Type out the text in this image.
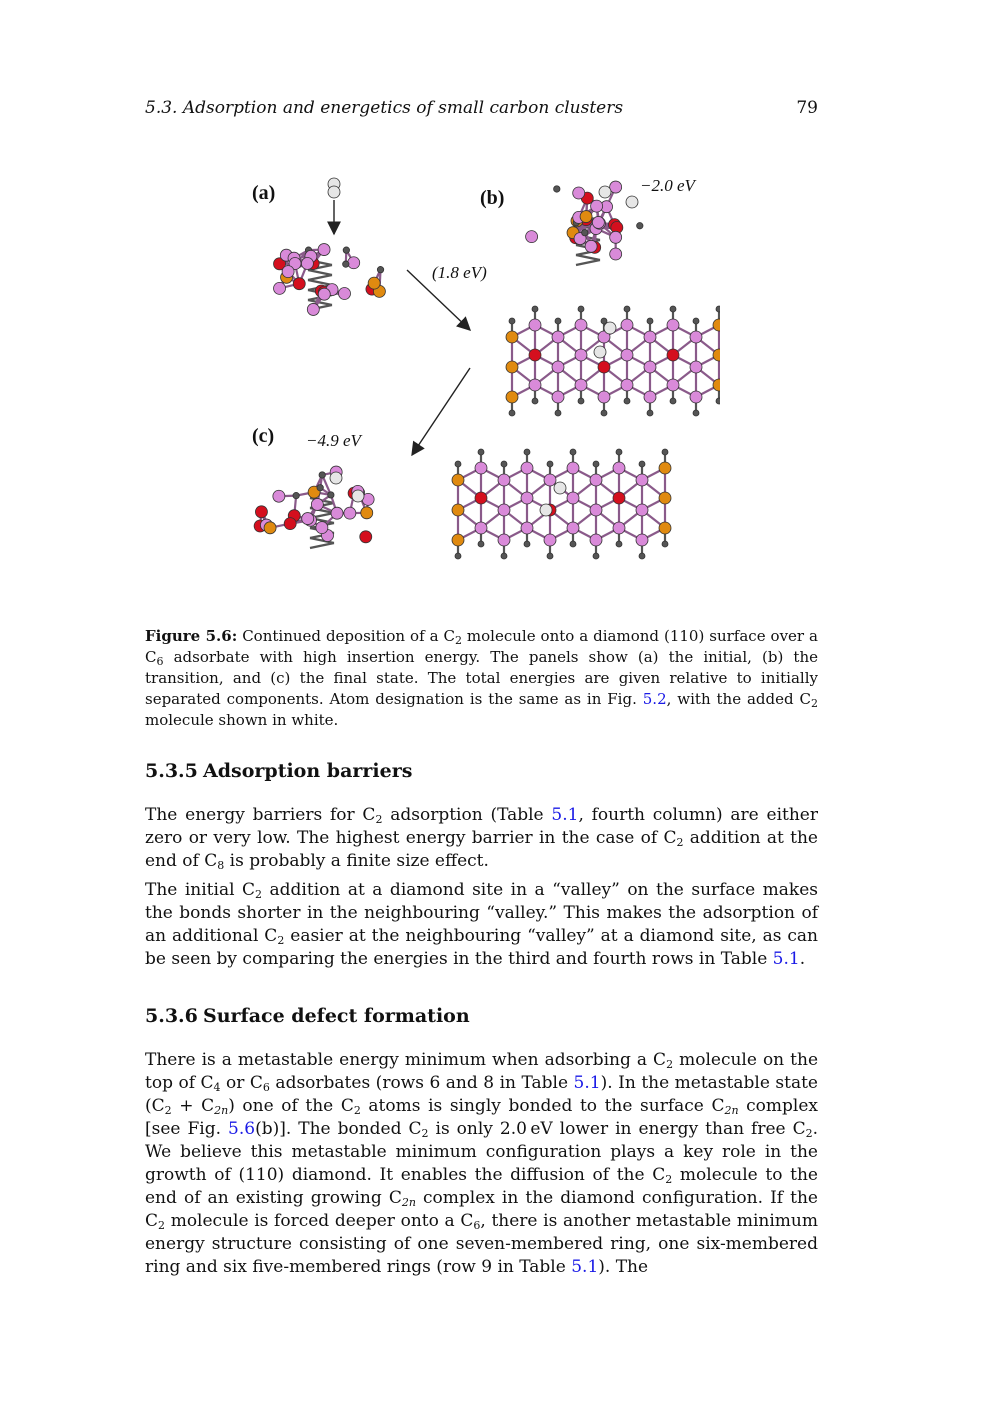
5.3. Adsorption and energetics of small carbon clusters	79
(a)	(b)
(c)
−2.0 eV
(1.8 eV)
−4.9 eV
Figure 5.6: Continued deposition of a $C_2$ molecule onto a diamond (110) surface over a $C_6$ adsorbate with high insertion energy. The panels show (a) the initial, (b) the transition, and (c) the final state. The total energies are given relative to initially separated components. Atom designation is the same as in Fig. 5.2, with the added $C_2$ molecule shown in white.
5.3.5 Adsorption barriers
The energy barriers for $C_2$ adsorption (Table 5.1, fourth column) are either zero or very low. The highest energy barrier in the case of $C_2$ addition at the end of $C_8$ is probably a finite size effect.
The initial $C_2$ addition at a diamond site in a “valley” on the surface makes the bonds shorter in the neighbouring “valley.” This makes the adsorption of an additional $C_2$ easier at the neighbouring “valley” at a diamond site, as can be seen by comparing the energies in the third and fourth rows in Table 5.1.
5.3.6 Surface defect formation
There is a metastable energy minimum when adsorbing a $C_2$ molecule on the top of $C_4$ or $C_6$ adsorbates (rows 6 and 8 in Table 5.1). In the metastable state $(C_2 + C_{2n})$ one of the $C_2$ atoms is singly bonded to the surface $C_{2n}$ complex [see Fig. 5.6(b)]. The bonded $C_2$ is only 2.0 eV lower in energy than free $C_2$. We believe this metastable minimum configuration plays a key role in the growth of (110) diamond. It enables the diffusion of the $C_2$ molecule to the end of an existing growing $C_{2n}$ complex in the diamond configuration. If the $C_2$ molecule is forced deeper onto a $C_6$, there is another metastable minimum energy structure consisting of one seven-membered ring, one six-membered ring and six five-membered rings (row 9 in Table 5.1). The
